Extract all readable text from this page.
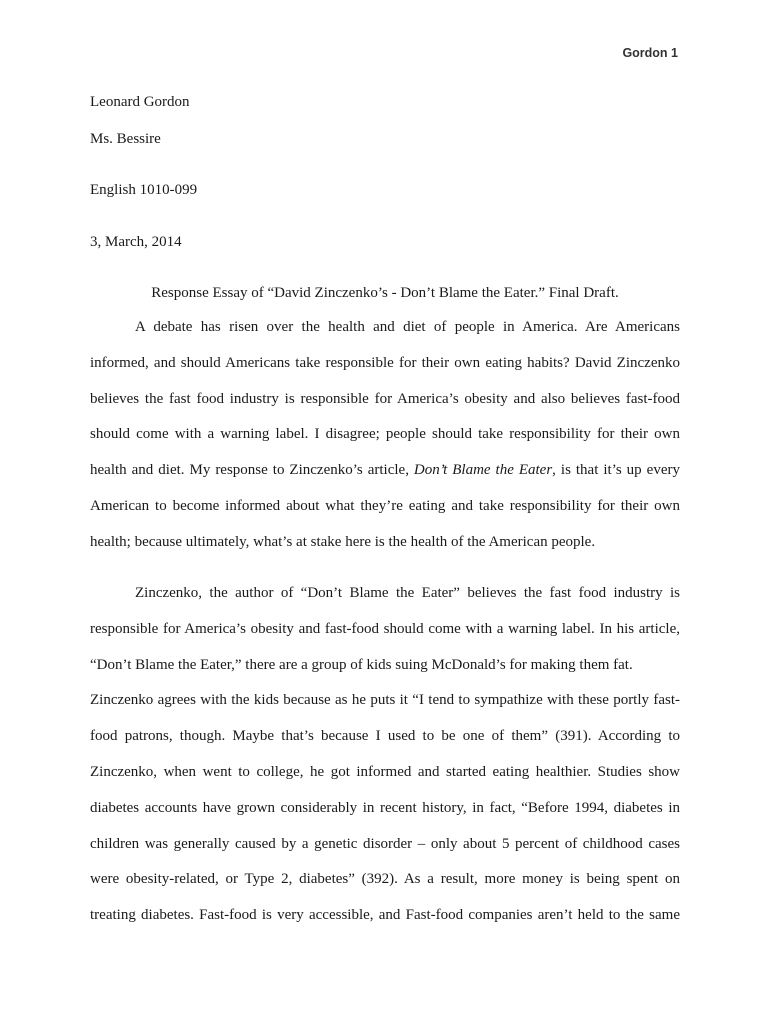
Gordon 1
Leonard Gordon
Ms. Bessire
English 1010-099
3, March, 2014
Response Essay of “David Zinczenko’s - Don’t Blame the Eater.” Final Draft.
A debate has risen over the health and diet of people in America. Are Americans
informed, and should Americans take responsible for their own eating habits? David Zinczenko
believes the fast food industry is responsible for America’s obesity and also believes fast-food
should come with a warning label. I disagree; people should take responsibility for their own
health and diet. My response to Zinczenko’s article, Don’t Blame the Eater, is that it’s up every
American to become informed about what they’re eating and take responsibility for their own
health; because ultimately, what’s at stake here is the health of the American people.
Zinczenko, the author of “Don’t Blame the Eater” believes the fast food industry is
responsible for America’s obesity and fast-food should come with a warning label. In his article,
“Don’t Blame the Eater,” there are a group of kids suing McDonald’s for making them fat.
Zinczenko agrees with the kids because as he puts it “I tend to sympathize with these portly fast-
food patrons, though. Maybe that’s because I used to be one of them” (391). According to
Zinczenko, when went to college, he got informed and started eating healthier. Studies show
diabetes accounts have grown considerably in recent history, in fact, “Before 1994, diabetes in
children was generally caused by a genetic disorder – only about 5 percent of childhood cases
were obesity-related, or Type 2, diabetes” (392). As a result, more money is being spent on
treating diabetes. Fast-food is very accessible, and Fast-food companies aren’t held to the same
